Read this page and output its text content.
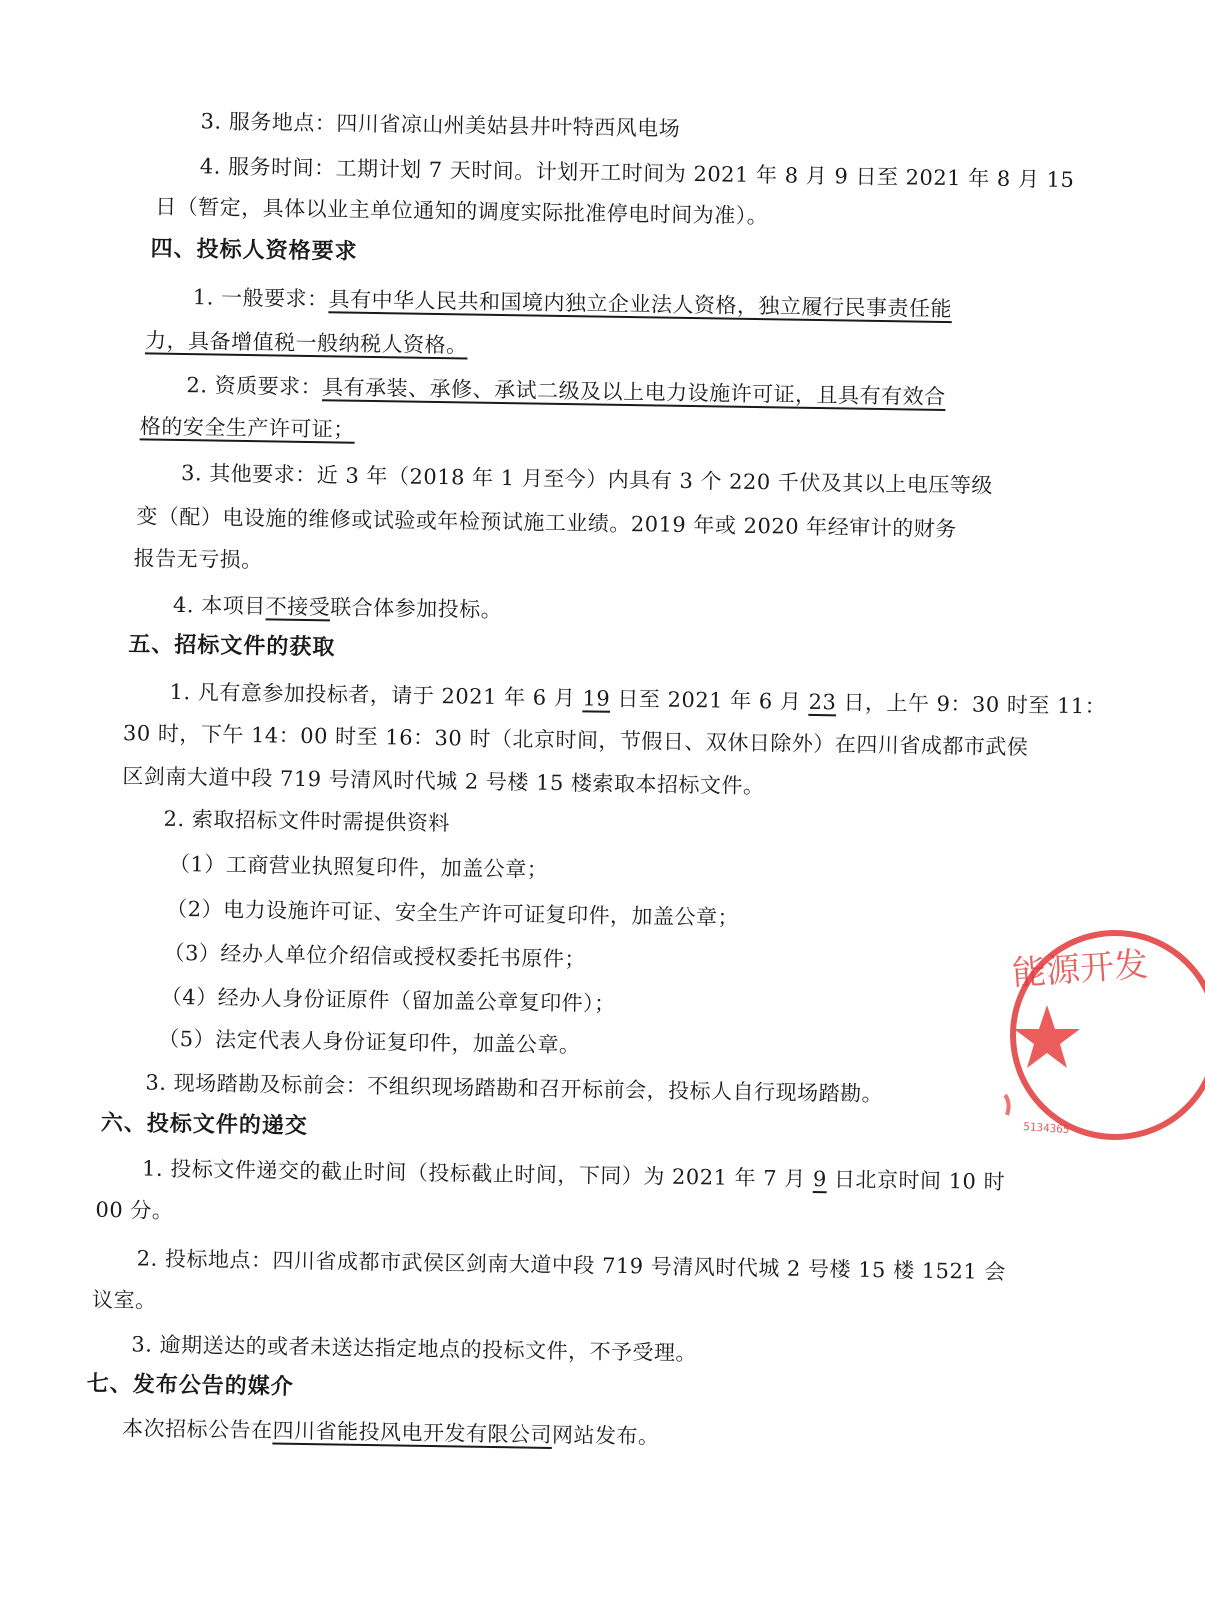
3. 服务地点：四川省凉山州美姑县井叶特西风电场
4. 服务时间：工期计划 7 天时间。计划开工时间为 2021 年 8 月 9 日至 2021 年 8 月 15
日（暂定，具体以业主单位通知的调度实际批准停电时间为准）。
四、投标人资格要求
1. 一般要求：具有中华人民共和国境内独立企业法人资格，独立履行民事责任能
力，具备增值税一般纳税人资格。
2. 资质要求：具有承装、承修、承试二级及以上电力设施许可证，且具有有效合
格的安全生产许可证；
3. 其他要求：近 3 年（2018 年 1 月至今）内具有 3 个 220 千伏及其以上电压等级
变（配）电设施的维修或试验或年检预试施工业绩。2019 年或 2020 年经审计的财务
报告无亏损。
4. 本项目不接受联合体参加投标。
五、招标文件的获取
1. 凡有意参加投标者，请于 2021 年 6 月 19 日至 2021 年 6 月 23 日，上午 9：30 时至 11：
30 时，下午 14：00 时至 16：30 时（北京时间，节假日、双休日除外）在四川省成都市武侯
区剑南大道中段 719 号清风时代城 2 号楼 15 楼索取本招标文件。
2. 索取招标文件时需提供资料
（1）工商营业执照复印件，加盖公章；
（2）电力设施许可证、安全生产许可证复印件，加盖公章；
（3）经办人单位介绍信或授权委托书原件；
（4）经办人身份证原件（留加盖公章复印件）；
（5）法定代表人身份证复印件，加盖公章。
3. 现场踏勘及标前会：不组织现场踏勘和召开标前会，投标人自行现场踏勘。
六、投标文件的递交
1. 投标文件递交的截止时间（投标截止时间，下同）为 2021 年 7 月 9 日北京时间 10 时
00 分。
2. 投标地点：四川省成都市武侯区剑南大道中段 719 号清风时代城 2 号楼 15 楼 1521 会
议室。
3. 逾期送达的或者未送达指定地点的投标文件，不予受理。
七、发布公告的媒介
本次招标公告在四川省能投风电开发有限公司网站发布。
能源开发
5134365
